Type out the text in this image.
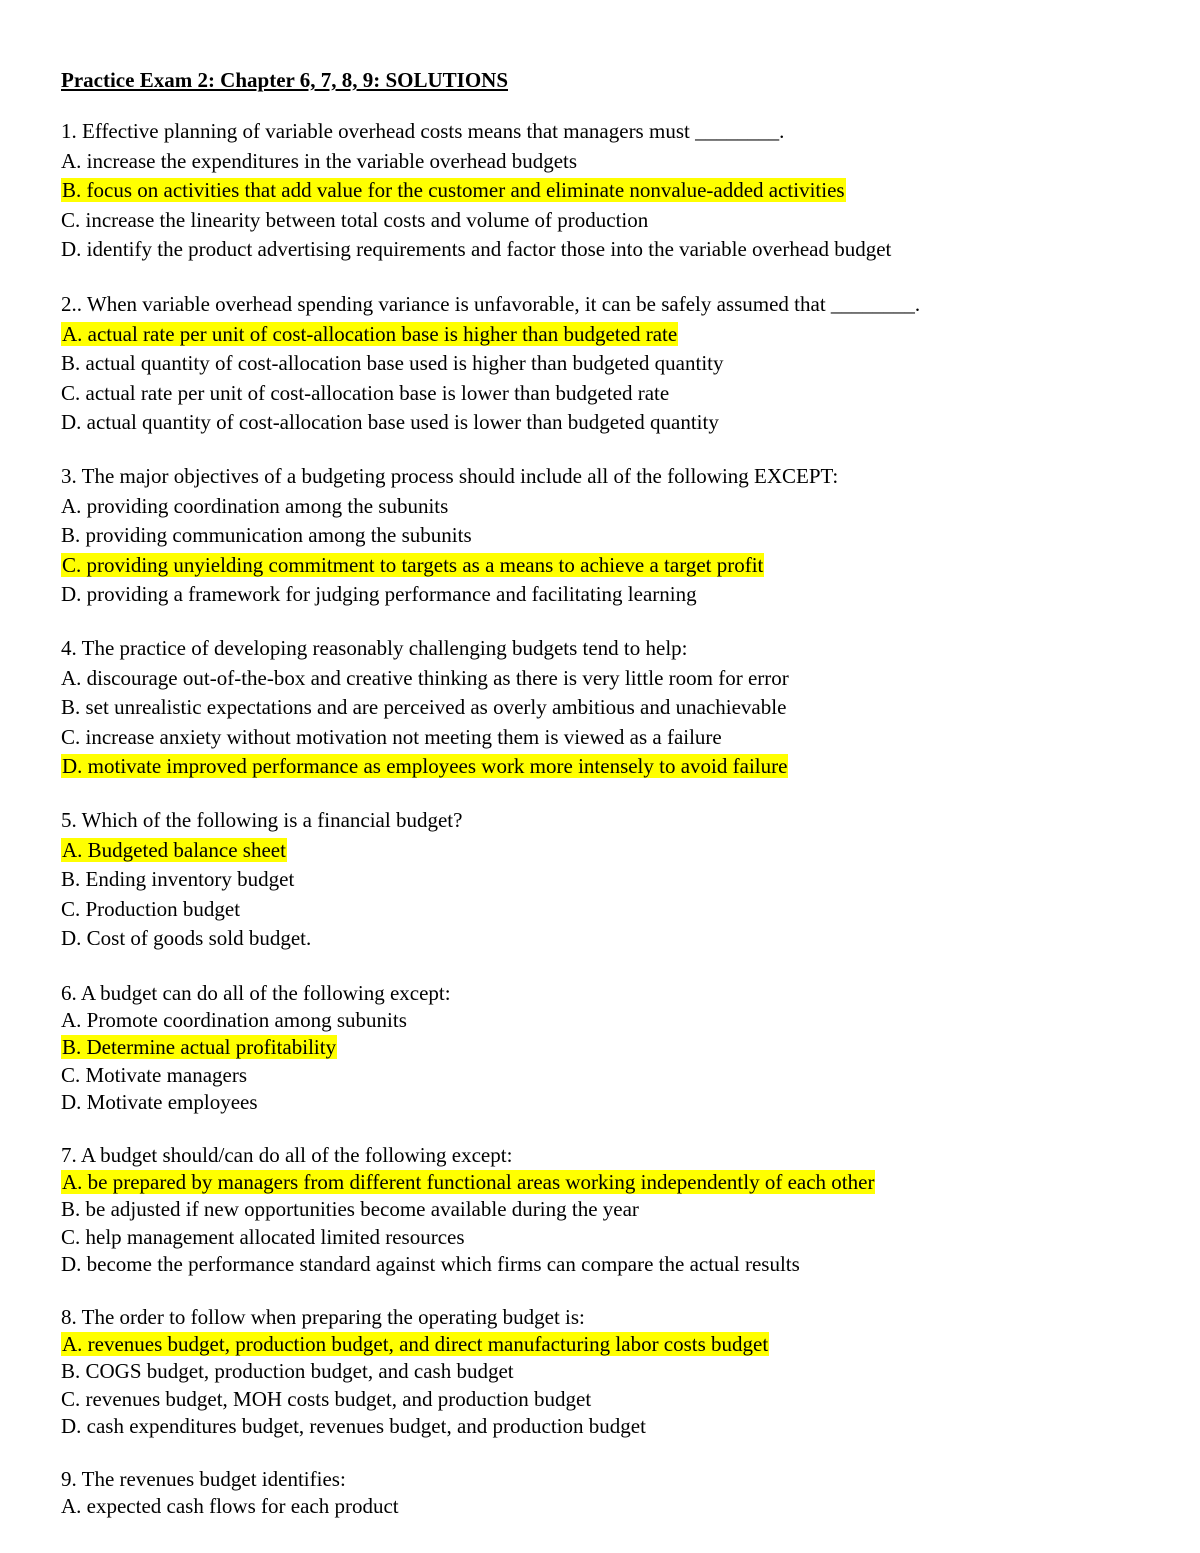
Practice Exam 2: Chapter 6, 7, 8, 9: SOLUTIONS
1. Effective planning of variable overhead costs means that managers must ________.
A. increase the expenditures in the variable overhead budgets
B. focus on activities that add value for the customer and eliminate nonvalue-added activities
C. increase the linearity between total costs and volume of production
D. identify the product advertising requirements and factor those into the variable overhead budget
2.. When variable overhead spending variance is unfavorable, it can be safely assumed that ________.
A. actual rate per unit of cost-allocation base is higher than budgeted rate
B. actual quantity of cost-allocation base used is higher than budgeted quantity
C. actual rate per unit of cost-allocation base is lower than budgeted rate
D. actual quantity of cost-allocation base used is lower than budgeted quantity
3. The major objectives of a budgeting process should include all of the following EXCEPT:
A. providing coordination among the subunits
B. providing communication among the subunits
C. providing unyielding commitment to targets as a means to achieve a target profit
D. providing a framework for judging performance and facilitating learning
4. The practice of developing reasonably challenging budgets tend to help:
A. discourage out-of-the-box and creative thinking as there is very little room for error
B. set unrealistic expectations and are perceived as overly ambitious and unachievable
C. increase anxiety without motivation not meeting them is viewed as a failure
D. motivate improved performance as employees work more intensely to avoid failure
5. Which of the following is a financial budget?
A. Budgeted balance sheet
B. Ending inventory budget
C. Production budget
D. Cost of goods sold budget.
6. A budget can do all of the following except:
A. Promote coordination among subunits
B. Determine actual profitability
C. Motivate managers
D. Motivate employees
7. A budget should/can do all of the following except:
A. be prepared by managers from different functional areas working independently of each other
B. be adjusted if new opportunities become available during the year
C. help management allocated limited resources
D. become the performance standard against which firms can compare the actual results
8. The order to follow when preparing the operating budget is:
A. revenues budget, production budget, and direct manufacturing labor costs budget
B. COGS budget, production budget, and cash budget
C. revenues budget, MOH costs budget, and production budget
D. cash expenditures budget, revenues budget, and production budget
9. The revenues budget identifies:
A. expected cash flows for each product
